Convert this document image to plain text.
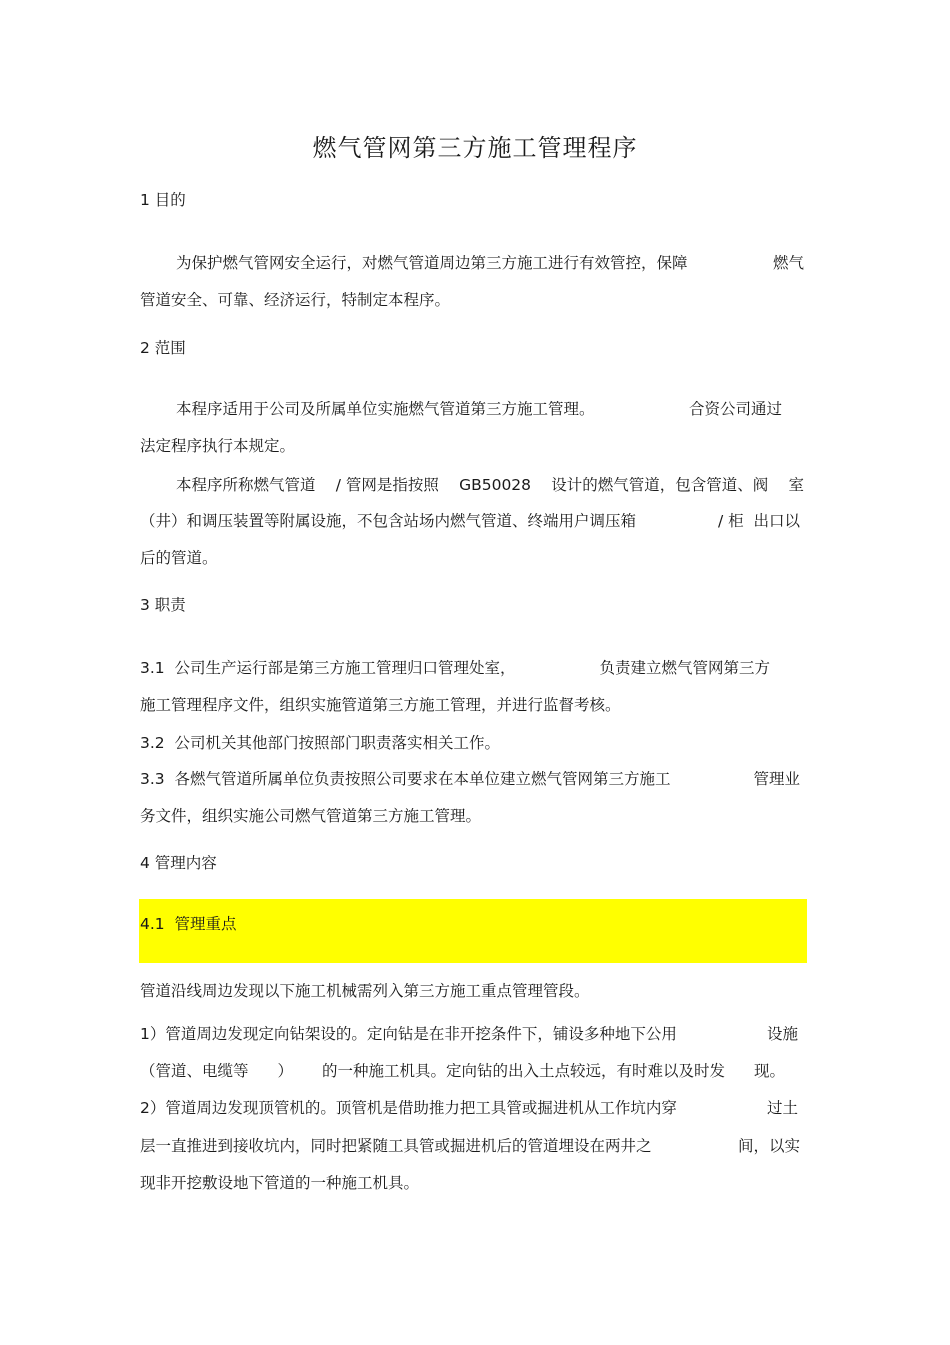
燃气管网第三方施工管理程序
1 目的
为保护燃气管网安全运行，对燃气管道周边第三方施工进行有效管控，保障	燃气
管道安全、可靠、经济运行，特制定本程序。
2 范围
本程序适用于公司及所属单位实施燃气管道第三方施工管理。	合资公司通过
法定程序执行本规定。
本程序所称燃气管道 / 管网是指按照 GB50028 设计的燃气管道，包含管道、阀 室
（井）和调压装置等附属设施，不包含站场内燃气管道、终端用户调压箱	/ 柜  出口以
后的管道。
3 职责
3.1  公司生产运行部是第三方施工管理归口管理处室，	负责建立燃气管网第三方
施工管理程序文件，组织实施管道第三方施工管理，并进行监督考核。
3.2  公司机关其他部门按照部门职责落实相关工作。
3.3  各燃气管道所属单位负责按照公司要求在本单位建立燃气管网第三方施工	管理业
务文件，组织实施公司燃气管道第三方施工管理。
4 管理内容
4.1  管理重点
管道沿线周边发现以下施工机械需列入第三方施工重点管理管段。
1）管道周边发现定向钻架设的。定向钻是在非开挖条件下，铺设多种地下公用	设施
（管道、电缆等 ） 的一种施工机具。定向钻的出入土点较远，有时难以及时发 现。
2）管道周边发现顶管机的。顶管机是借助推力把工具管或掘进机从工作坑内穿	过土
层一直推进到接收坑内，同时把紧随工具管或掘进机后的管道埋设在两井之	间，以实
现非开挖敷设地下管道的一种施工机具。
